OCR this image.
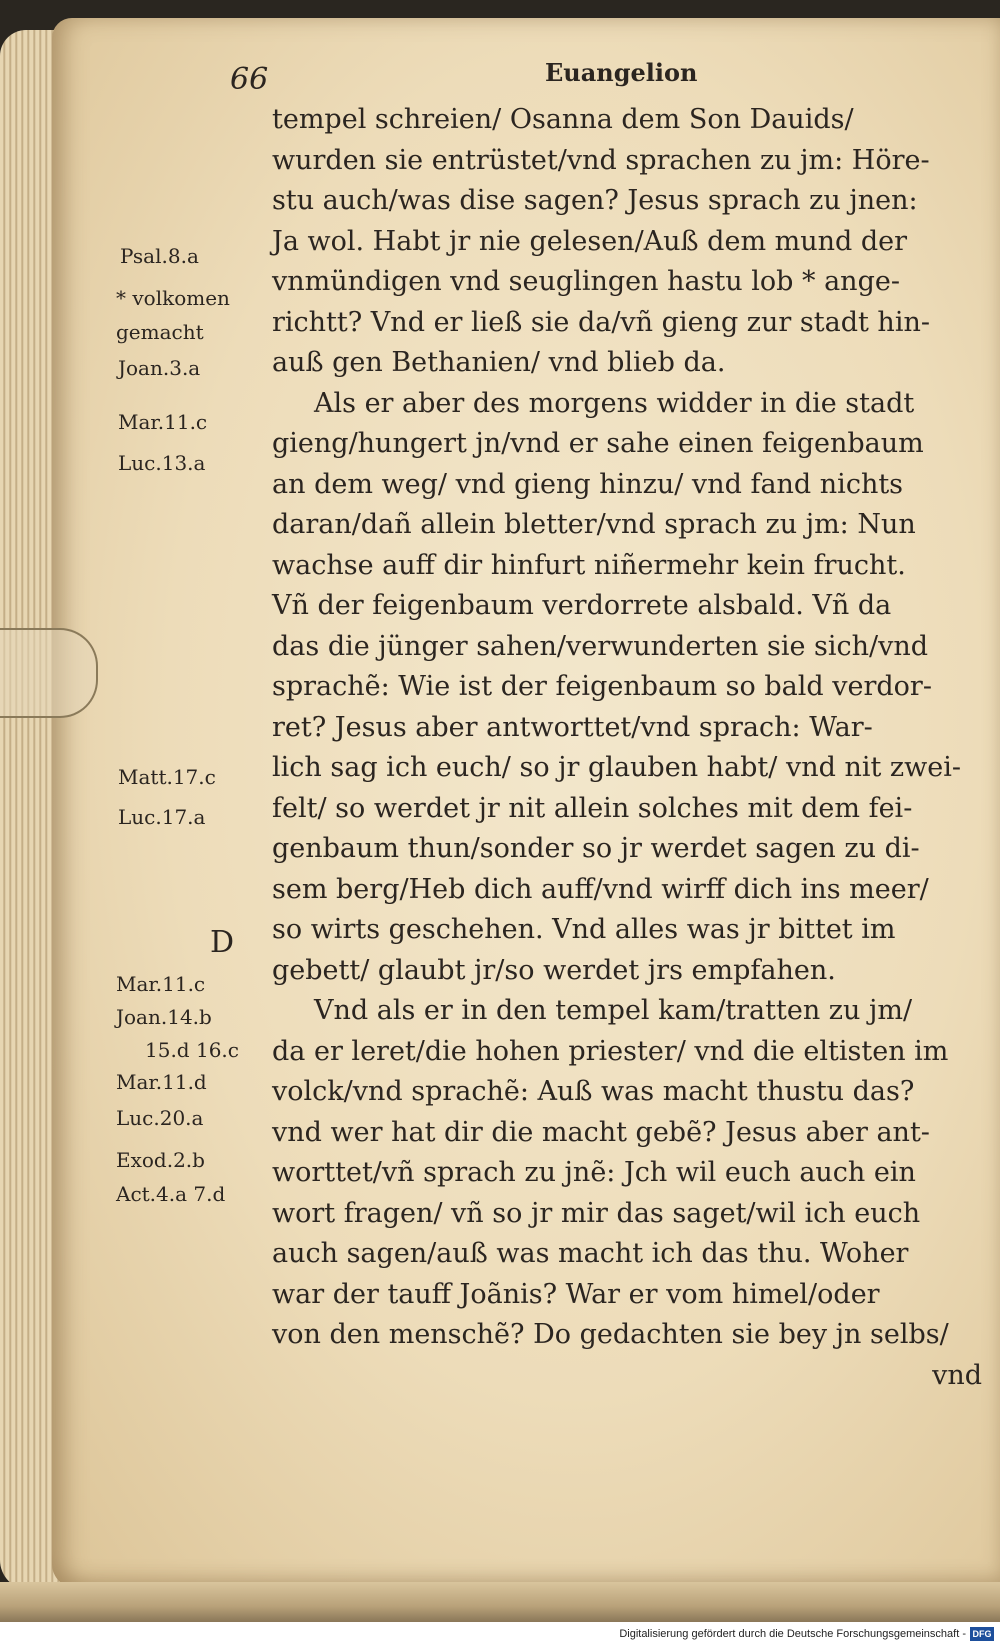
66	Euangelion
tempel schreien/ Osanna dem Son Dauids/
wurden sie entrüstet/vnd sprachen zu jm: Höre-
stu auch/was dise sagen? Jesus sprach zu jnen:
Ja wol. Habt jr nie gelesen/Auß dem mund der
vnmündigen vnd seuglingen hastu lob * ange-
richtt? Vnd er ließ sie da/vñ gieng zur stadt hin-
auß gen Bethanien/ vnd blieb da.
Als er aber des morgens widder in die stadt
gieng/hungert jn/vnd er sahe einen feigenbaum
an dem weg/ vnd gieng hinzu/ vnd fand nichts
daran/dañ allein bletter/vnd sprach zu jm: Nun
wachse auff dir hinfurt niñermehr kein frucht.
Vñ der feigenbaum verdorrete alsbald. Vñ da
das die jünger sahen/verwunderten sie sich/vnd
sprachẽ: Wie ist der feigenbaum so bald verdor-
ret? Jesus aber antworttet/vnd sprach: War-
lich sag ich euch/ so jr glauben habt/ vnd nit zwei-
felt/ so werdet jr nit allein solches mit dem fei-
genbaum thun/sonder so jr werdet sagen zu di-
sem berg/Heb dich auff/vnd wirff dich ins meer/
so wirts geschehen. Vnd alles was jr bittet im
gebett/ glaubt jr/so werdet jrs empfahen.
Vnd als er in den tempel kam/tratten zu jm/
da er leret/die hohen priester/ vnd die eltisten im
volck/vnd sprachẽ: Auß was macht thustu das?
vnd wer hat dir die macht gebẽ? Jesus aber ant-
worttet/vñ sprach zu jnẽ: Jch wil euch auch ein
wort fragen/ vñ so jr mir das saget/wil ich euch
auch sagen/auß was macht ich das thu. Woher
war der tauff Joãnis? War er vom himel/oder
von den menschẽ? Do gedachten sie bey jn selbs/
vnd
Psal.8.a
* volkomen
gemacht
Joan.3.a
Mar.11.c
Luc.13.a
Matt.17.c
Luc.17.a
D
Mar.11.c
Joan.14.b
15.d 16.c
Mar.11.d
Luc.20.a
Exod.2.b
Act.4.a 7.d
Digitalisierung gefördert durch die Deutsche Forschungsgemeinschaft - DFG
